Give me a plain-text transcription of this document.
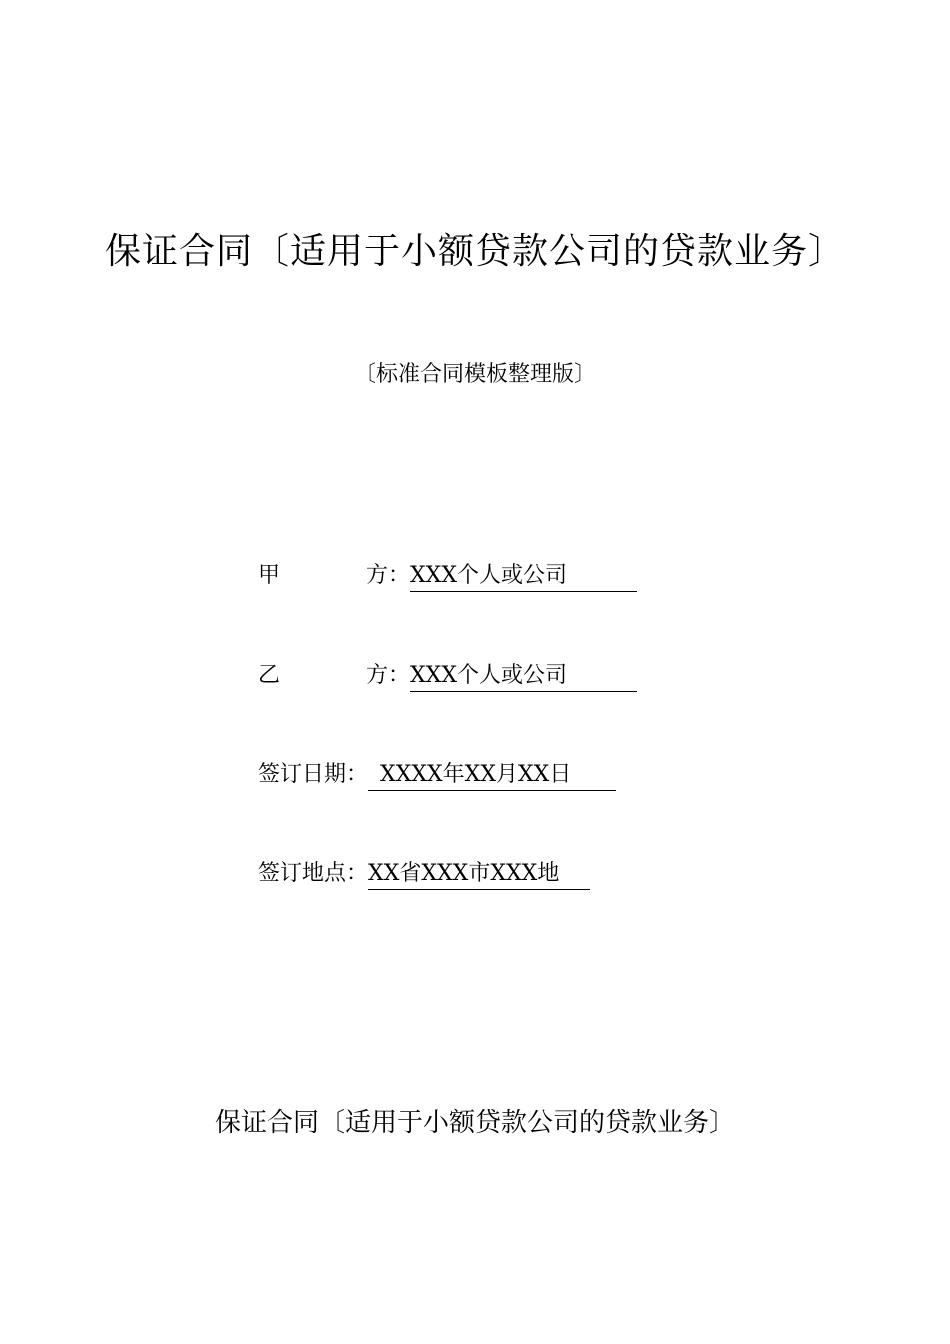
保证合同〔适用于小额贷款公司的贷款业务〕
〔标准合同模板整理版〕
甲	方 ： XXX个人或公司
乙	方 ： XXX个人或公司
签订日期 ： XXXX年XX月XX日
签订地点 ： XX省XXX市XXX地
保证合同〔适用于小额贷款公司的贷款业务〕
